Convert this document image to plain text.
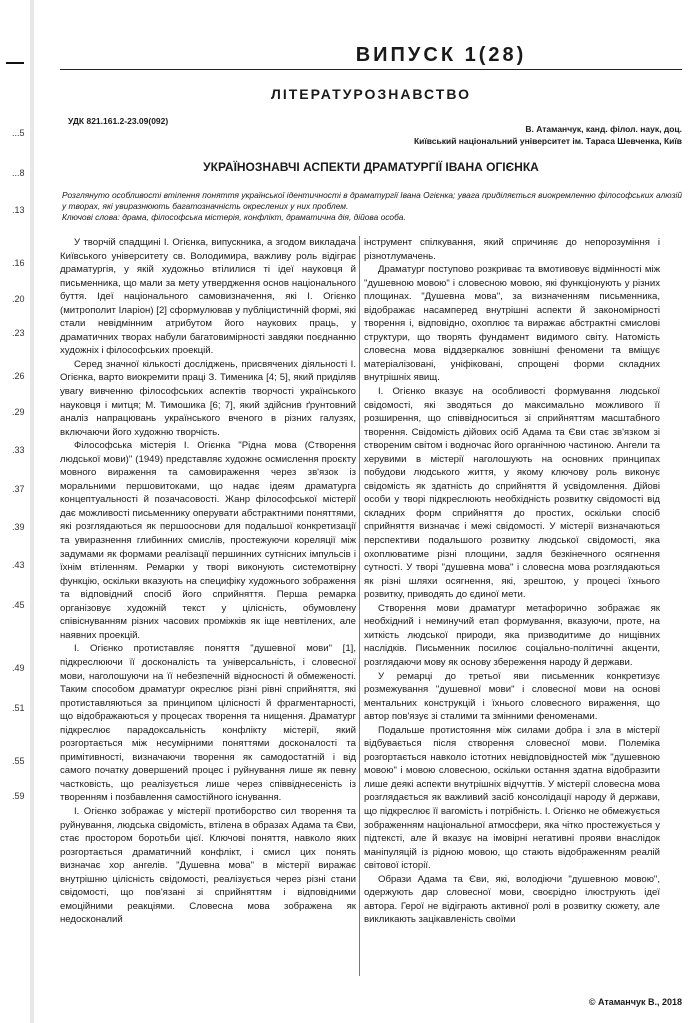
...5
...8
.13
.16
.20
.23
.26
.29
.33
.37
.39
.43
.45
.49
.51
.55
.59
ВИПУСК 1(28)
ЛІТЕРАТУРОЗНАВСТВО
УДК 821.161.2-23.09(092)
В. Атаманчук, канд. філол. наук, доц.
Київський національний університет ім. Тараса Шевченка, Київ
УКРАЇНОЗНАВЧІ АСПЕКТИ ДРАМАТУРГІЇ ІВАНА ОГІЄНКА
Розглянуто особливості втілення поняття української ідентичності в драматургії Івана Огієнка; увага приділяється виокремленню філософських алюзій у творах, які увиразнюють багатозначність окреслених у них проблем.
Ключові слова: драма, філософська містерія, конфлікт, драматична дія, дійова особа.

У творчій спадщині І. Огієнка, випускника, а згодом викладача Київського університету св. Володимира, важливу роль відіграє драматургія, у якій художньо втілилися ті ідеї науковця й письменника, що мали за мету утвердження основ національного буття. Ідеї національного самовизначення, які І. Огієнко (митрополит Іларіон) [2] сформулював у публіцистичній формі, які стали невідмінним атрибутом його наукових праць, у драматичних творах набули багатовимірності завдяки поєднанню художніх і філософських проекцій.

Серед значної кількості досліджень, присвячених діяльності І. Огієнка, варто виокремити праці З. Тименика [4; 5], який приділяв увагу вивченню філософських аспектів творчості українського науковця і митця; М. Тимошика [6; 7], який здійснив ґрунтовний аналіз напрацювань українського вченого в різних галузях, включаючи його художню творчість.

Філософська містерія І. Огієнка "Рідна мова (Створення людської мови)" (1949) представляє художнє осмислення проєкту мовного вираження та самовираження через зв'язок із моральними першовитоками, що надає ідеям драматурга концептуальності й позачасовості. Жанр філософської містерії дає можливості письменнику оперувати абстрактними поняттями, які розглядаються як першооснови для подальшої конкретизації та увиразнення глибинних смислів, простежуючи кореляції між задумами як формами реалізації першинних сутнісних імпульсів і їхнім втіленням. Ремарки у творі виконують системотвірну функцію, оскільки вказують на специфіку художнього зображення та відповідний спосіб його сприйняття. Перша ремарка організовує художній текст у цілісність, обумовлену співіснуванням різних часових проміжків як іще невтілених, але наявних проекцій.

І. Огієнко протиставляє поняття "душевної мови" [1], підкреслюючи її досконалість та універсальність, і словесної мови, наголошуючи на її небезпечній відносності й обмеженості. Таким способом драматург окреслює різні рівні сприйняття, які протиставляються за принципом цілісності й фрагментарності, що відображаються у процесах творення та нищення. Драматург підкреслює парадоксальність конфлікту містерії, який розгортається між несумірними поняттями досконалості та примітивності, визначаючи творення як самодостатній і від самого початку довершений процес і руйнування лише як певну частковість, що реалізується лише через співвіднесеність із творенням і позбавлення самостійного існування.

І. Огієнко зображає у містерії протиборство сил творення та руйнування, людська свідомість, втілена в образах Адама та Єви, стає простором боротьби цієї. Ключові поняття, навколо яких розгортається драматичний конфлікт, і смисл цих понять визначає хор ангелів. "Душевна мова" в містерії виражає внутрішню цілісність свідомості, реалізується через різні стани свідомості, що пов'язані зі сприйняттям і відповідними емоційними реакціями. Словесна мова зображена як недосконалий

інструмент спілкування, який спричиняє до непорозуміння і різнотлумачень.

Драматург поступово розкриває та вмотивовує відмінності між "душевною мовою" і словесною мовою, які функціонують у різних площинах. "Душевна мова", за визначенням письменника, відображає насамперед внутрішні аспекти й закономірності творення і, відповідно, охоплює та виражає абстрактні смислові структури, що творять фундамент видимого світу. Натомість словесна мова віддзеркалює зовнішні феномени та вміщує матеріалізовані, уніфіковані, спрощені форми складних внутрішніх явищ.

І. Огієнко вказує на особливості формування людської свідомості, які зводяться до максимально можливого її розширення, що співвідноситься зі сприйняттям масштабного творення. Свідомість дійових осіб Адама та Єви стає зв'язком зі створеним світом і водночас його органічною частиною. Ангели та херувими в містерії наголошують на основних принципах побудови людського життя, у якому ключову роль виконує свідомість як здатність до сприйняття й усвідомлення. Дійові особи у творі підкреслюють необхідність розвитку свідомості від складних форм сприйняття до простих, оскільки спосіб сприйняття визначає і межі свідомості. У містерії визначаються перспективи подальшого розвитку людської свідомості, яка охоплюватиме різні площини, задля безкінечного осягнення сутності. У творі "душевна мова" і словесна мова розглядаються як різні шляхи осягнення, які, зрештою, у процесі їхнього розвитку, приводять до єдиної мети.

Створення мови драматург метафорично зображає як необхідний і неминучий етап формування, вказуючи, проте, на хиткість людської природи, яка призводитиме до нищівних наслідків. Письменник посилює соціально-політичні акценти, розглядаючи мову як основу збереження народу й держави.

У ремарці до третьої яви письменник конкретизує розмежування "душевної мови" і словесної мови на основі ментальних конструкцій і їхнього словесного вираження, що автор пов'язує зі сталими та змінними феноменами.

Подальше протистояння між силами добра і зла в містерії відбувається після створення словесної мови. Полеміка розгортається навколо істотних невідповідностей між "душевною мовою" і мовою словесною, оскільки остання здатна відобразити лише деякі аспекти внутрішніх відчуттів. У містерії словесна мова розглядається як важливий засіб консолідації народу й держави, що підкреслює її вагомість і потрібність. І. Огієнко не обмежується зображенням національної атмосфери, яка чітко простежується у підтексті, але й вказує на імовірні негативні прояви внаслідок маніпуляцій із рідною мовою, що стають відображенням реалій світової історії.

Образи Адама та Єви, які, володіючи "душевною мовою", одержують дар словесної мови, своєрідно ілюструють ідеї автора. Герої не відіграють активної ролі в розвитку сюжету, але викликають зацікавленість своїми

© Атаманчук В., 2018
